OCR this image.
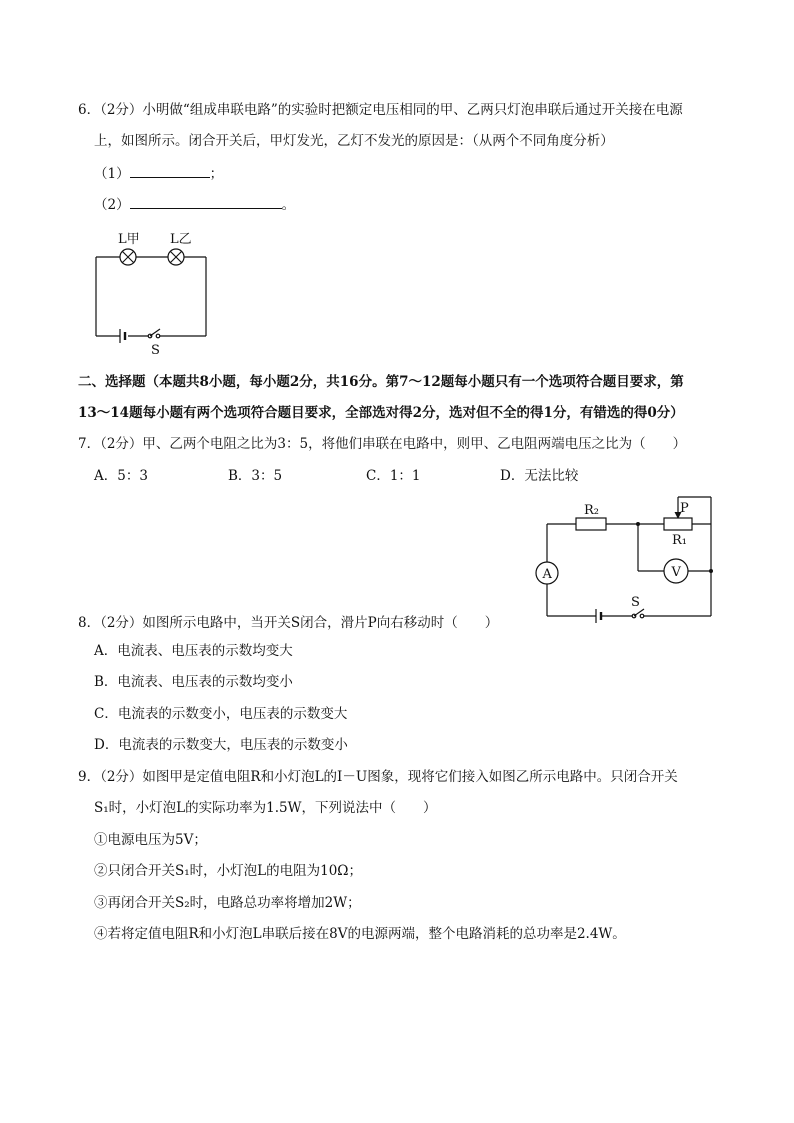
6．（2分）小明做“组成串联电路”的实验时把额定电压相同的甲、乙两只灯泡串联后通过开关接在电源
上，如图所示。闭合开关后，甲灯发光，乙灯不发光的原因是：（从两个不同角度分析）
（1）	；
（2）	。
L甲 L乙
S
二、选择题（本题共8小题，每小题2分，共16分。第7～12题每小题只有一个选项符合题目要求，第
13～14题每小题有两个选项符合题目要求，全部选对得2分，选对但不全的得1分，有错选的得0分）
7．（2分）甲、乙两个电阻之比为3：5，将他们串联在电路中，则甲、乙电阻两端电压之比为（　　）
A．5：3	B．3：5	C．1：1	D．无法比较
A	V
R₂
R₁
P
S
8．（2分）如图所示电路中，当开关S闭合，滑片P向右移动时（　　）
A．电流表、电压表的示数均变大
B．电流表、电压表的示数均变小
C．电流表的示数变小，电压表的示数变大
D．电流表的示数变大，电压表的示数变小
9．（2分）如图甲是定值电阻R和小灯泡L的I－U图象，现将它们接入如图乙所示电路中。只闭合开关
S₁时，小灯泡L的实际功率为1.5W，下列说法中（　　）
①电源电压为5V；
②只闭合开关S₁时，小灯泡L的电阻为10Ω；
③再闭合开关S₂时，电路总功率将增加2W；
④若将定值电阻R和小灯泡L串联后接在8V的电源两端，整个电路消耗的总功率是2.4W。
